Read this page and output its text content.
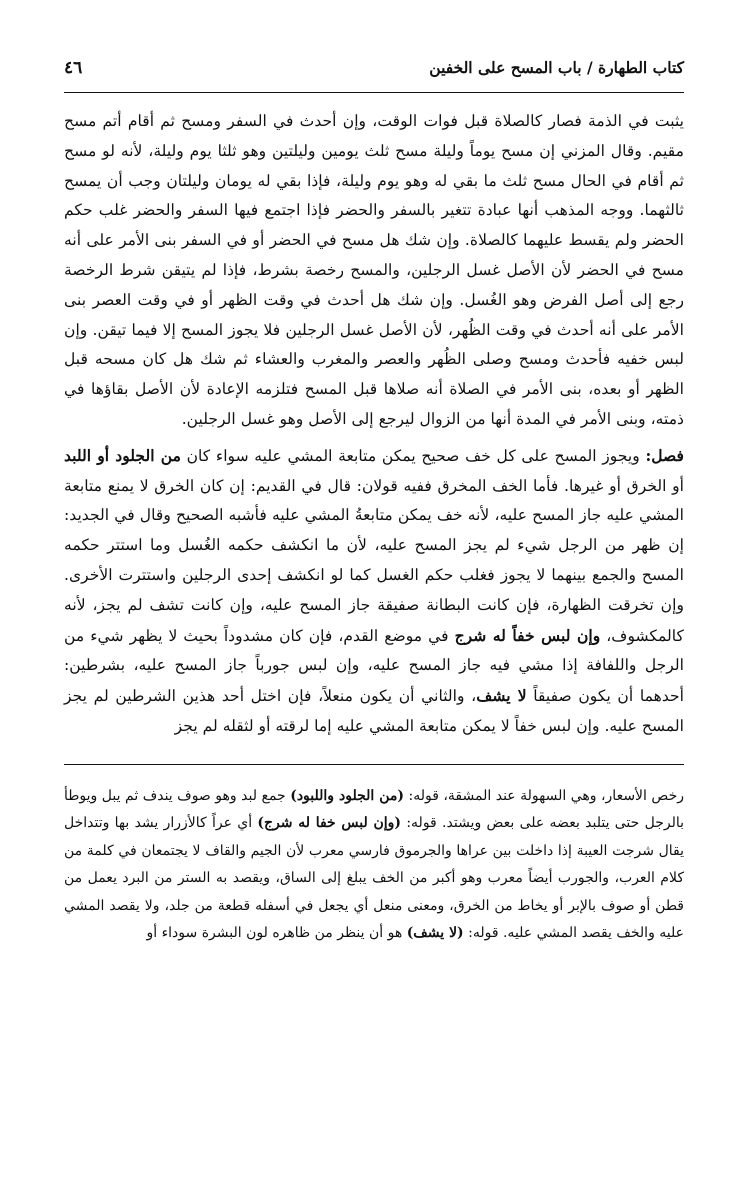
كتاب الطهارة / باب المسح على الخفين
٤٦

يثبت في الذمة فصار كالصلاة قبل فوات الوقت، وإن أحدث في السفر ومسح ثم أقام أتم مسح مقيم. وقال المزني إن مسح يوماً وليلة مسح ثلث يومين وليلتين وهو ثلثا يوم وليلة، لأنه لو مسح ثم أقام في الحال مسح ثلث ما بقي له وهو يوم وليلة، فإذا بقي له يومان وليلتان وجب أن يمسح ثالثهما. ووجه المذهب أنها عبادة تتغير بالسفر والحضر فإذا اجتمع فيها السفر والحضر غلب حكم الحضر ولم يقسط عليهما كالصلاة. وإن شك هل مسح في الحضر أو في السفر بنى الأمر على أنه مسح في الحضر لأن الأصل غسل الرجلين، والمسح رخصة بشرط، فإذا لم يتيقن شرط الرخصة رجع إلى أصل الفرض وهو الغُسل. وإن شك هل أحدث في وقت الظهر أو في وقت العصر بنى الأمر على أنه أحدث في وقت الظُهر، لأن الأصل غسل الرجلين فلا يجوز المسح إلا فيما تيقن. وإن لبس خفيه فأحدث ومسح وصلى الظُهر والعصر والمغرب والعشاء ثم شك هل كان مسحه قبل الظهر أو بعده، بنى الأمر في الصلاة أنه صلاها قبل المسح فتلزمه الإعادة لأن الأصل بقاؤها في ذمته، وبنى الأمر في المدة أنها من الزوال ليرجع إلى الأصل وهو غسل الرجلين.

فصل: ويجوز المسح على كل خف صحيح يمكن متابعة المشي عليه سواء كان من الجلود أو اللبد أو الخرق أو غيرها. فأما الخف المخرق ففيه قولان: قال في القديم: إن كان الخرق لا يمنع متابعة المشي عليه جاز المسح عليه، لأنه خف يمكن متابعةُ المشي عليه فأشبه الصحيح وقال في الجديد: إن ظهر من الرجل شيء لم يجز المسح عليه، لأن ما انكشف حكمه الغُسل وما استتر حكمه المسح والجمع بينهما لا يجوز فغلب حكم الغسل كما لو انكشف إحدى الرجلين واستترت الأخرى. وإن تخرقت الظهارة، فإن كانت البطانة صفيقة جاز المسح عليه، وإن كانت تشف لم يجز، لأنه كالمكشوف، وإن لبس خفاً له شرج في موضع القدم، فإن كان مشدوداً بحيث لا يظهر شيء من الرجل واللفافة إذا مشي فيه جاز المسح عليه، وإن لبس جورباً جاز المسح عليه، بشرطين: أحدهما أن يكون صفيقاً لا يشف، والثاني أن يكون منعلاً، فإن اختل أحد هذين الشرطين لم يجز المسح عليه. وإن لبس خفاً لا يمكن متابعة المشي عليه إما لرقته أو لثقله لم يجز

رخص الأسعار، وهي السهولة عند المشقة، قوله: (من الجلود واللبود) جمع لبد وهو صوف يندف ثم يبل ويوطأ بالرجل حتى يتلبد بعضه على بعض ويشتد. قوله: (وإن لبس خفا له شرج) أي عراً كالأزرار يشد بها وتتداخل يقال شرجت العيبة إذا داخلت بين عراها والجرموق فارسي معرب لأن الجيم والقاف لا يجتمعان في كلمة من كلام العرب، والجورب أيضاً معرب وهو أكبر من الخف يبلغ إلى الساق، ويقصد به الستر من البرد يعمل من قطن أو صوف بالإبر أو يخاط من الخرق، ومعنى منعل أي يجعل في أسفله قطعة من جلد، ولا يقصد المشي عليه والخف يقصد المشي عليه. قوله: (لا يشف) هو أن ينظر من ظاهره لون البشرة سوداء أو
